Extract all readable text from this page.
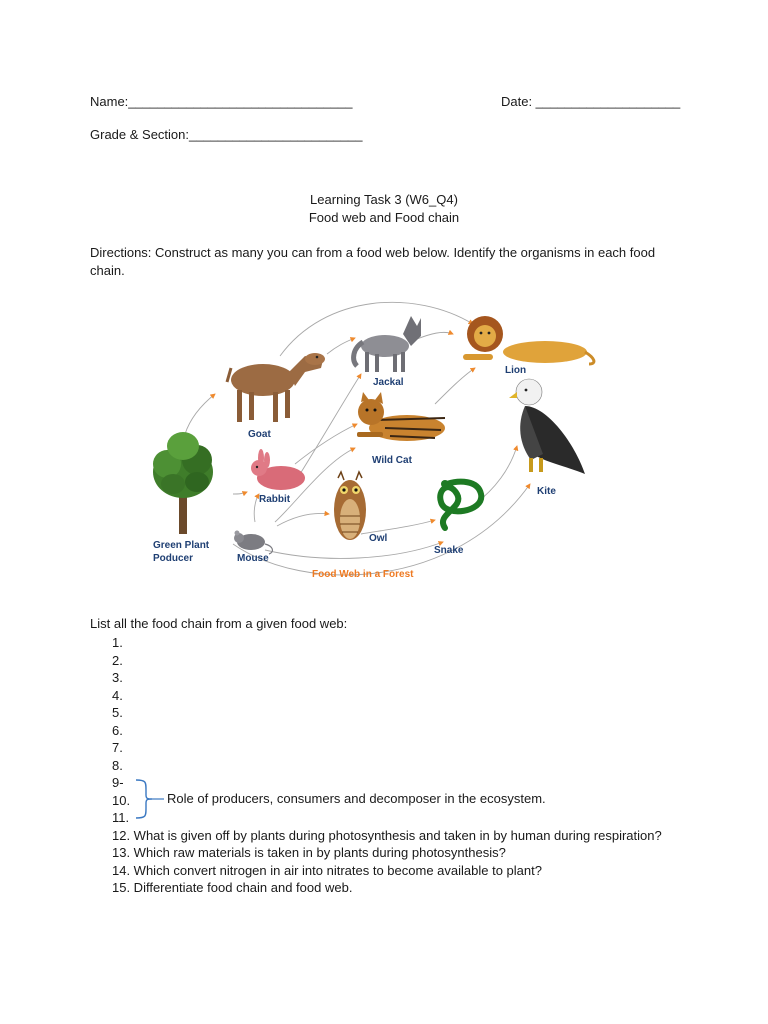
Name:_______________________________	Date: ____________________
Grade & Section:________________________
Learning Task 3 (W6_Q4)
Food web and Food chain
Directions: Construct as many you can from a food web below. Identify the organisms in each food
chain.
Goat
Jackal
Lion
Wild Cat
Kite
Rabbit
Owl
Snake
Mouse
Green Plant
Poducer
Food Web in a Forest
List all the food chain from a given food web:
1.
2.
3.
4.
5.
6.
7.
8.
9-
10.
11.
12. What is given off by plants during photosynthesis and taken in by human during respiration?
13. Which raw materials is taken in by plants during photosynthesis?
14. Which convert nitrogen in air into nitrates to become available to plant?
15. Differentiate food chain and food web.
Role of producers, consumers and decomposer in the ecosystem.
